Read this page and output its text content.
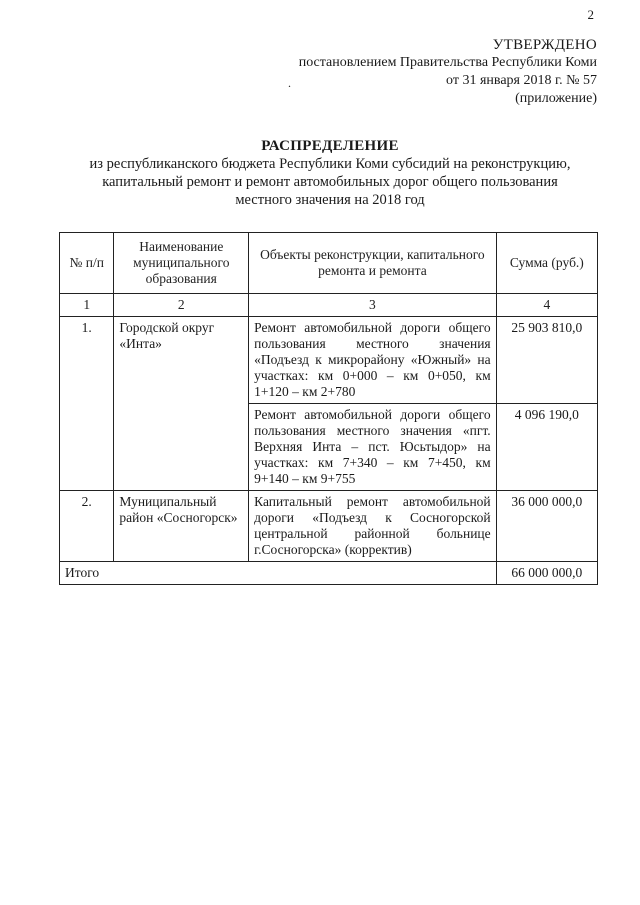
2
УТВЕРЖДЕНО
постановлением Правительства Республики Коми
от 31 января 2018 г. № 57
(приложение)
.
РАСПРЕДЕЛЕНИЕ
из республиканского бюджета Республики Коми субсидий на реконструкцию,
капитальный ремонт и ремонт автомобильных дорог общего пользования
местного значения на 2018 год
№ п/п	Наименование муниципального образования	Объекты реконструкции, капитального ремонта и ремонта	Сумма (руб.)
1	2	3	4
1.	Городской округ «Инта»	Ремонт автомобильной дороги общего пользования местного значения «Подъезд к микрорайону «Южный» на участках: км 0+000 – км 0+050, км 1+120 – км 2+780	25 903 810,0
		Ремонт автомобильной дороги общего пользования местного значения «пгт. Верхняя Инта – пст. Юсьтыдор» на участках: км 7+340 – км 7+450, км 9+140 – км 9+755	4 096 190,0
2.	Муниципальный район «Сосногорск»	Капитальный ремонт автомобильной дороги «Подъезд к Сосногорской центральной районной больнице г.Сосногорска» (корректив)	36 000 000,0
Итого			66 000 000,0
